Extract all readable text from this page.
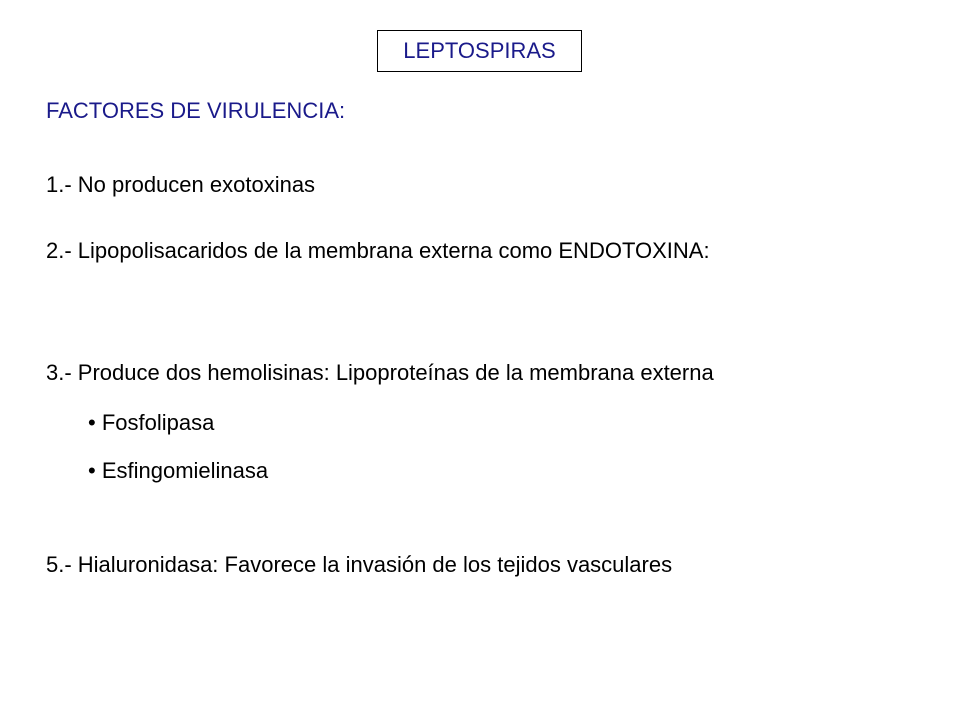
LEPTOSPIRAS
FACTORES DE VIRULENCIA:
1.- No producen exotoxinas
2.- Lipopolisacaridos de la membrana externa como ENDOTOXINA:
3.- Produce dos hemolisinas: Lipoproteínas de la membrana externa
• Fosfolipasa
• Esfingomielinasa
5.- Hialuronidasa: Favorece la invasión de los tejidos vasculares
